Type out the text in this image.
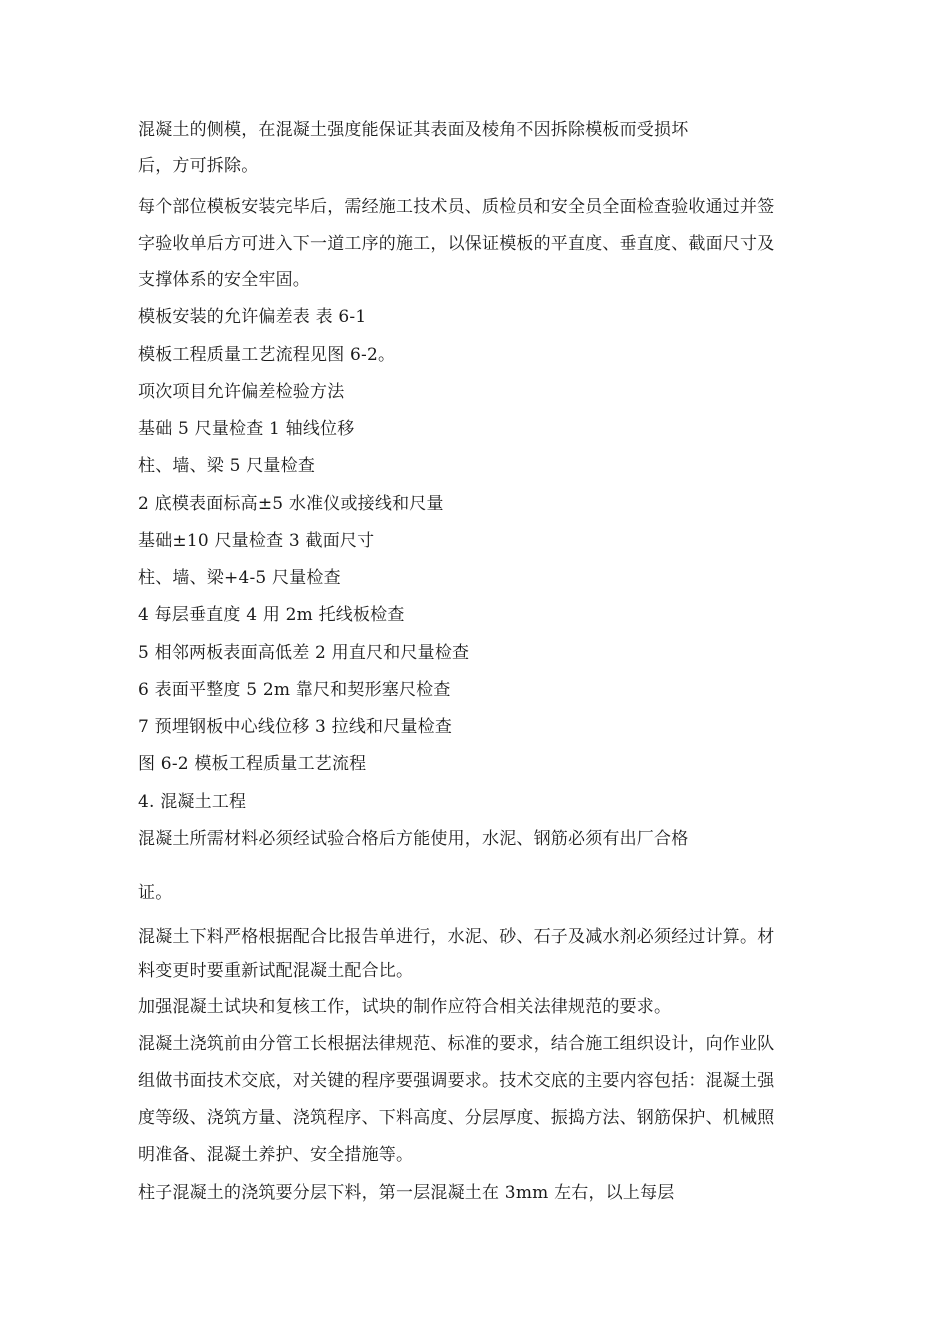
混凝土的侧模，在混凝土强度能保证其表面及棱角不因拆除模板而受损坏
后，方可拆除。
每个部位模板安装完毕后，需经施工技术员、质检员和安全员全面检查验收通过并签
字验收单后方可进入下一道工序的施工，以保证模板的平直度、垂直度、截面尺寸及
支撑体系的安全牢固。
模板安装的允许偏差表 表 6-1
模板工程质量工艺流程见图 6-2。
项次项目允许偏差检验方法
基础 5 尺量检查 1 轴线位移
柱、墙、梁 5 尺量检查
2 底模表面标高±5 水准仪或接线和尺量
基础±10 尺量检查 3 截面尺寸
柱、墙、梁+4-5 尺量检查
4 每层垂直度 4 用 2m 托线板检查
5 相邻两板表面高低差 2 用直尺和尺量检查
6 表面平整度 5 2m 靠尺和契形塞尺检查
7 预埋钢板中心线位移 3 拉线和尺量检查
图 6-2 模板工程质量工艺流程
4. 混凝土工程
混凝土所需材料必须经试验合格后方能使用，水泥、钢筋必须有出厂合格
证。
混凝土下料严格根据配合比报告单进行，水泥、砂、石子及减水剂必须经过计算。材
料变更时要重新试配混凝土配合比。
加强混凝土试块和复核工作，试块的制作应符合相关法律规范的要求。
混凝土浇筑前由分管工长根据法律规范、标准的要求，结合施工组织设计，向作业队
组做书面技术交底，对关键的程序要强调要求。技术交底的主要内容包括：混凝土强
度等级、浇筑方量、浇筑程序、下料高度、分层厚度、振捣方法、钢筋保护、机械照
明准备、混凝土养护、安全措施等。
柱子混凝土的浇筑要分层下料，第一层混凝土在 3mm 左右，以上每层
